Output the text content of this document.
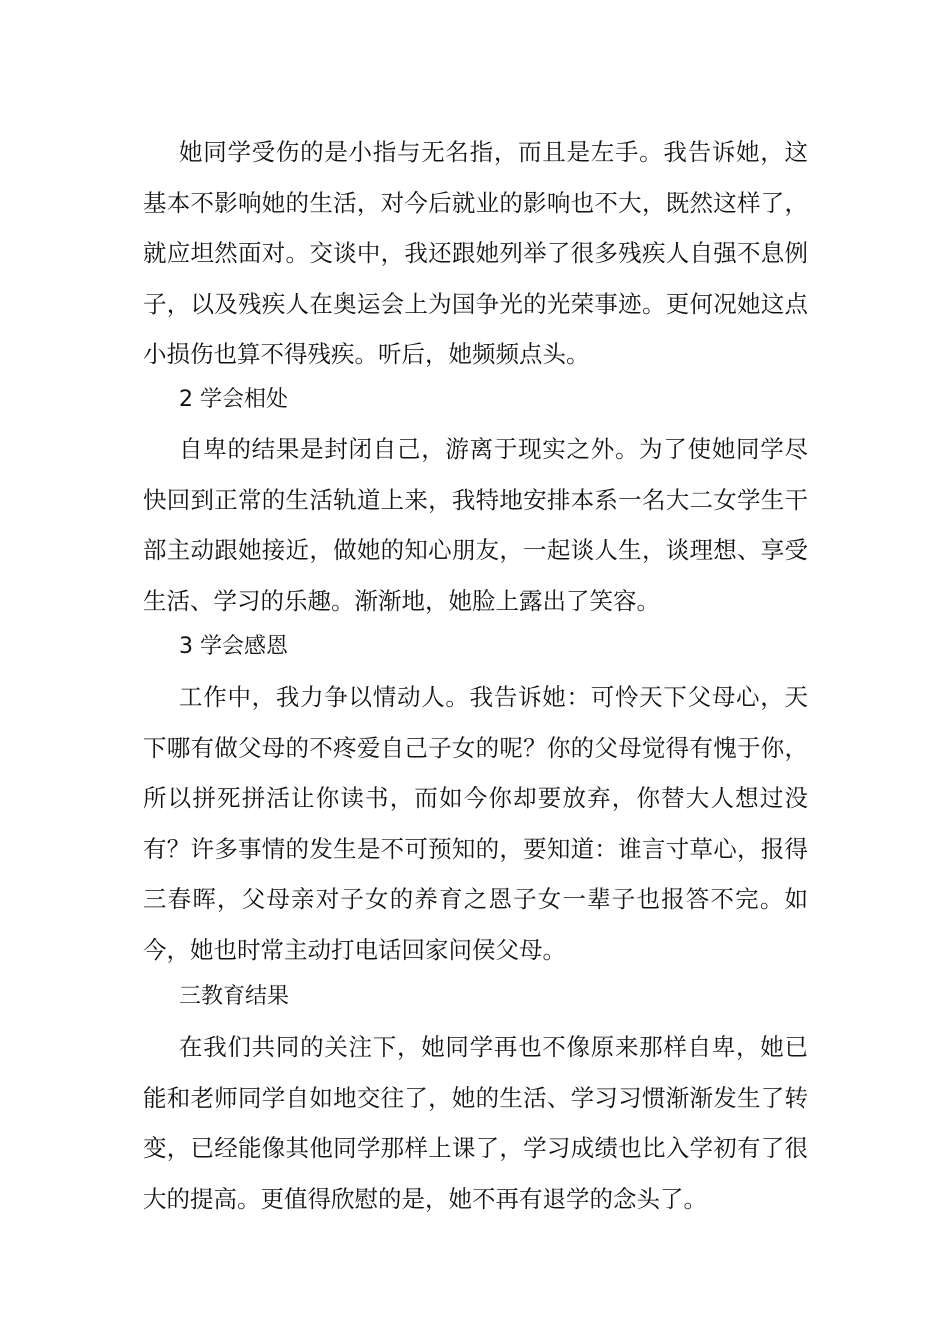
她同学受伤的是小指与无名指，而且是左手。我告诉她，这基本不影响她的生活，对今后就业的影响也不大，既然这样了，就应坦然面对。交谈中，我还跟她列举了很多残疾人自强不息例子，以及残疾人在奥运会上为国争光的光荣事迹。更何况她这点小损伤也算不得残疾。听后，她频频点头。

2 学会相处

自卑的结果是封闭自己，游离于现实之外。为了使她同学尽快回到正常的生活轨道上来，我特地安排本系一名大二女学生干部主动跟她接近，做她的知心朋友，一起谈人生，谈理想、享受生活、学习的乐趣。渐渐地，她脸上露出了笑容。

3 学会感恩

工作中，我力争以情动人。我告诉她：可怜天下父母心，天下哪有做父母的不疼爱自己子女的呢？你的父母觉得有愧于你，所以拼死拼活让你读书，而如今你却要放弃，你替大人想过没有？许多事情的发生是不可预知的，要知道：谁言寸草心，报得三春晖，父母亲对子女的养育之恩子女一辈子也报答不完。如今，她也时常主动打电话回家问侯父母。

三教育结果

在我们共同的关注下，她同学再也不像原来那样自卑，她已能和老师同学自如地交往了，她的生活、学习习惯渐渐发生了转变，已经能像其他同学那样上课了，学习成绩也比入学初有了很大的提高。更值得欣慰的是，她不再有退学的念头了。
